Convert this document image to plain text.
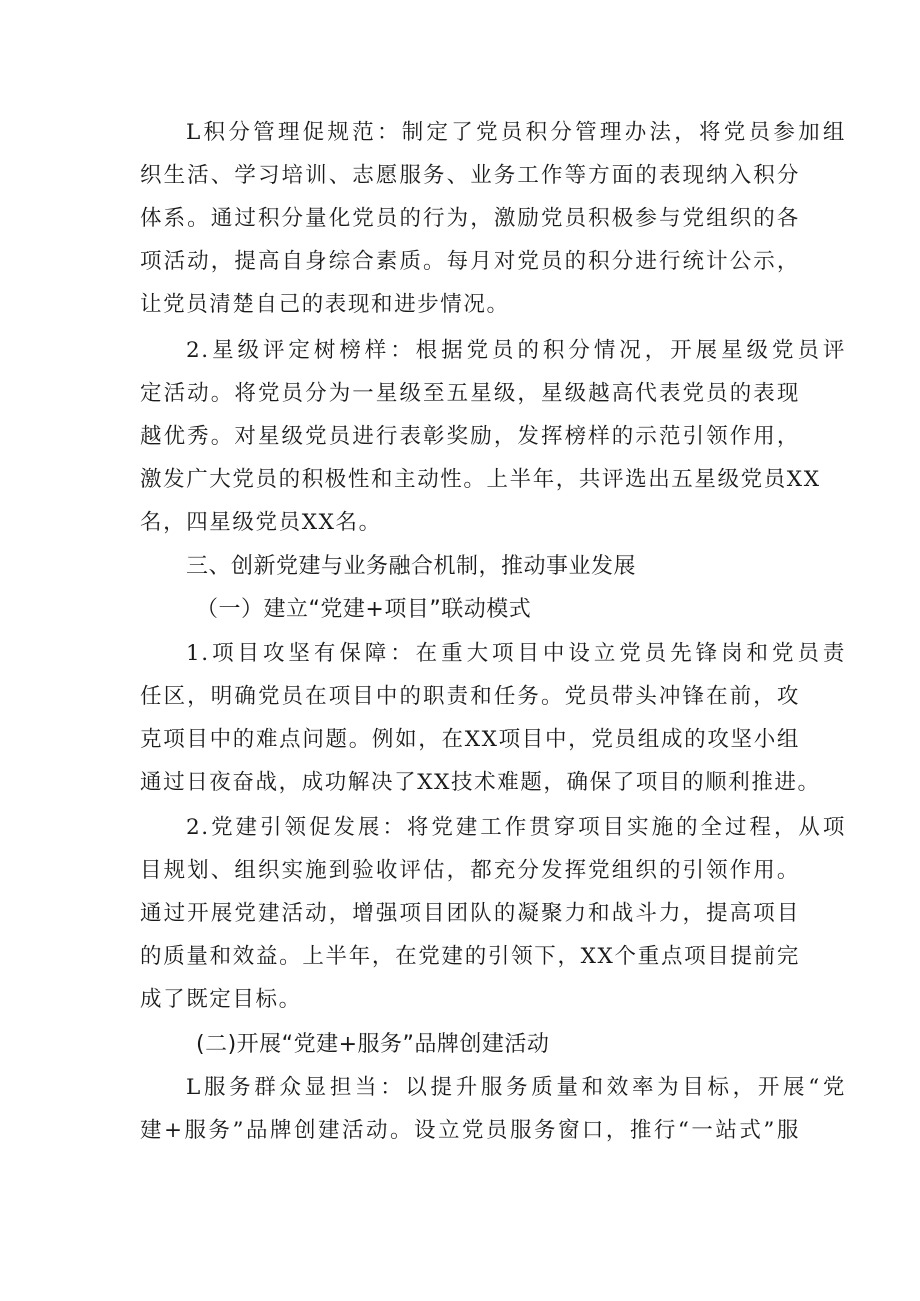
L积分管理促规范：制定了党员积分管理办法，将党员参加组
织生活、学习培训、志愿服务、业务工作等方面的表现纳入积分
体系。通过积分量化党员的行为，激励党员积极参与党组织的各
项活动，提高自身综合素质。每月对党员的积分进行统计公示，
让党员清楚自己的表现和进步情况。
2.星级评定树榜样：根据党员的积分情况，开展星级党员评
定活动。将党员分为一星级至五星级，星级越高代表党员的表现
越优秀。对星级党员进行表彰奖励，发挥榜样的示范引领作用，
激发广大党员的积极性和主动性。上半年，共评选出五星级党员XX
名，四星级党员XX名。
三、创新党建与业务融合机制，推动事业发展
（一）建立“党建+项目”联动模式
1.项目攻坚有保障：在重大项目中设立党员先锋岗和党员责
任区，明确党员在项目中的职责和任务。党员带头冲锋在前，攻
克项目中的难点问题。例如，在XX项目中，党员组成的攻坚小组
通过日夜奋战，成功解决了XX技术难题，确保了项目的顺利推进。
2.党建引领促发展：将党建工作贯穿项目实施的全过程，从项
目规划、组织实施到验收评估，都充分发挥党组织的引领作用。
通过开展党建活动，增强项目团队的凝聚力和战斗力，提高项目
的质量和效益。上半年，在党建的引领下，XX个重点项目提前完
成了既定目标。
(二)开展“党建+服务”品牌创建活动
L服务群众显担当：以提升服务质量和效率为目标，开展“党
建+服务”品牌创建活动。设立党员服务窗口，推行“一站式”服
